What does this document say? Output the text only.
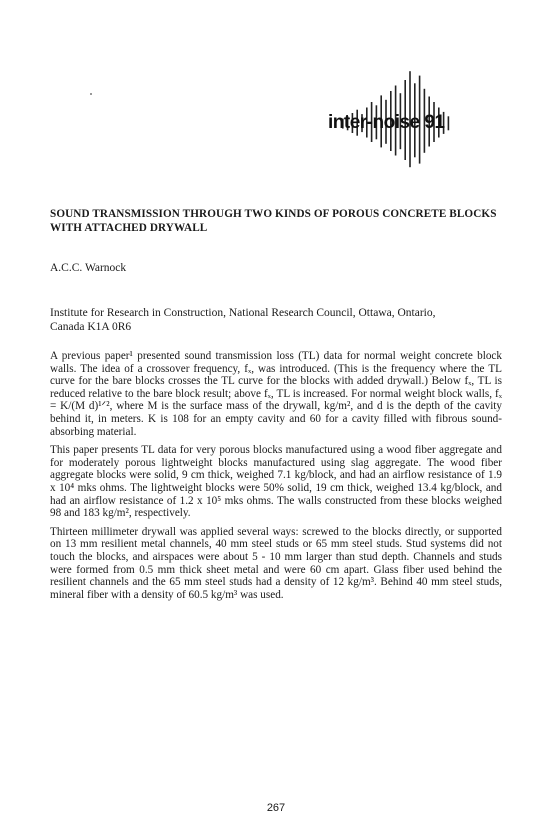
inter-noise 91
SOUND TRANSMISSION THROUGH TWO KINDS OF POROUS CONCRETE BLOCKS WITH ATTACHED DRYWALL
A.C.C. Warnock
Institute for Research in Construction, National Research Council, Ottawa, Ontario,
Canada K1A 0R6

A previous paper¹ presented sound transmission loss (TL) data for normal weight concrete block walls. The idea of a crossover frequency, fₓ, was introduced. (This is the frequency where the TL curve for the bare blocks crosses the TL curve for the blocks with added drywall.) Below fₓ, TL is reduced relative to the bare block result; above fₓ, TL is increased. For normal weight block walls, fₓ = K/(M d)¹ᐟ², where M is the surface mass of the drywall, kg/m², and d is the depth of the cavity behind it, in meters. K is 108 for an empty cavity and 60 for a cavity filled with fibrous sound-absorbing material.

This paper presents TL data for very porous blocks manufactured using a wood fiber aggregate and for moderately porous lightweight blocks manufactured using slag aggregate. The wood fiber aggregate blocks were solid, 9 cm thick, weighed 7.1 kg/block, and had an airflow resistance of 1.9 x 10⁴ mks ohms. The lightweight blocks were 50% solid, 19 cm thick, weighed 13.4 kg/block, and had an airflow resistance of 1.2 x 10⁵ mks ohms. The walls constructed from these blocks weighed 98 and 183 kg/m², respectively.

Thirteen millimeter drywall was applied several ways: screwed to the blocks directly, or supported on 13 mm resilient metal channels, 40 mm steel studs or 65 mm steel studs. Stud systems did not touch the blocks, and airspaces were about 5 - 10 mm larger than stud depth. Channels and studs were formed from 0.5 mm thick sheet metal and were 60 cm apart. Glass fiber used behind the resilient channels and the 65 mm steel studs had a density of 12 kg/m³. Behind 40 mm steel studs, mineral fiber with a density of 60.5 kg/m³ was used.

267
